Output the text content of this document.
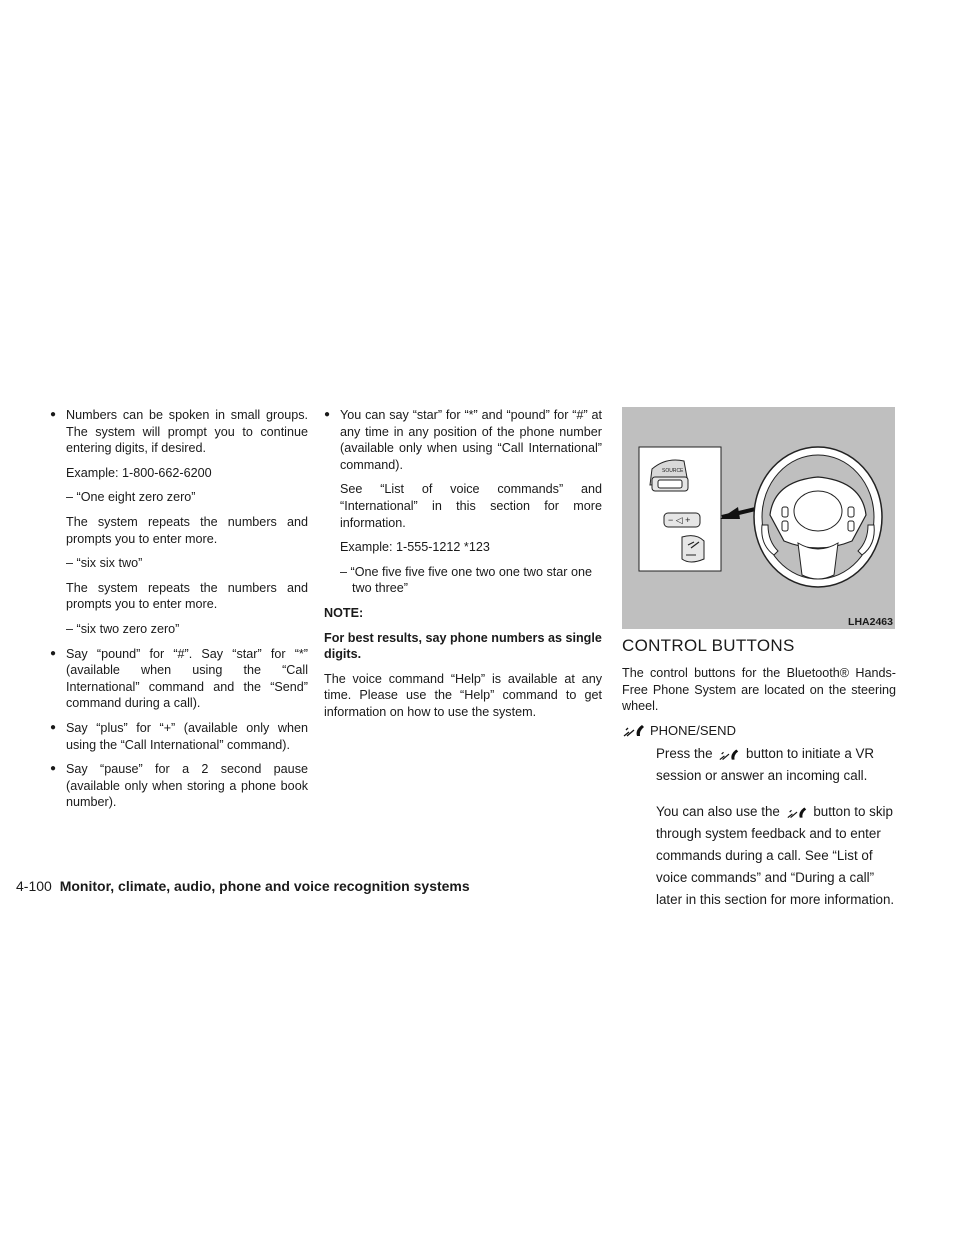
● Numbers can be spoken in small groups. The system will prompt you to continue entering digits, if desired.
Example: 1-800-662-6200
– “One eight zero zero”
The system repeats the numbers and prompts you to enter more.
– “six six two”
The system repeats the numbers and prompts you to enter more.
– “six two zero zero”
● Say “pound” for “#”. Say “star” for “*” (available when using the “Call International” command and the “Send” command during a call).
● Say “plus” for “+” (available only when using the “Call International” command).
● Say “pause” for a 2 second pause (available only when storing a phone book number).
● You can say “star” for “*” and “pound” for “#” at any time in any position of the phone number (available only when using “Call International” command).
See “List of voice commands” and “International” in this section for more information.
Example: 1-555-1212 *123
– “One five five five one two one two star one two three”
NOTE:
For best results, say phone numbers as single digits.
The voice command “Help” is available at any time. Please use the “Help” command to get information on how to use the system.
SOURCE
− ◁ +
LHA2463
CONTROL BUTTONS
The control buttons for the Bluetooth® Hands-Free Phone System are located on the steering wheel.
PHONE/SEND
Press the button to initiate a VR session or answer an incoming call.
You can also use the button to skip through system feedback and to enter commands during a call. See “List of voice commands” and “During a call” later in this section for more information.
4-100 Monitor, climate, audio, phone and voice recognition systems
